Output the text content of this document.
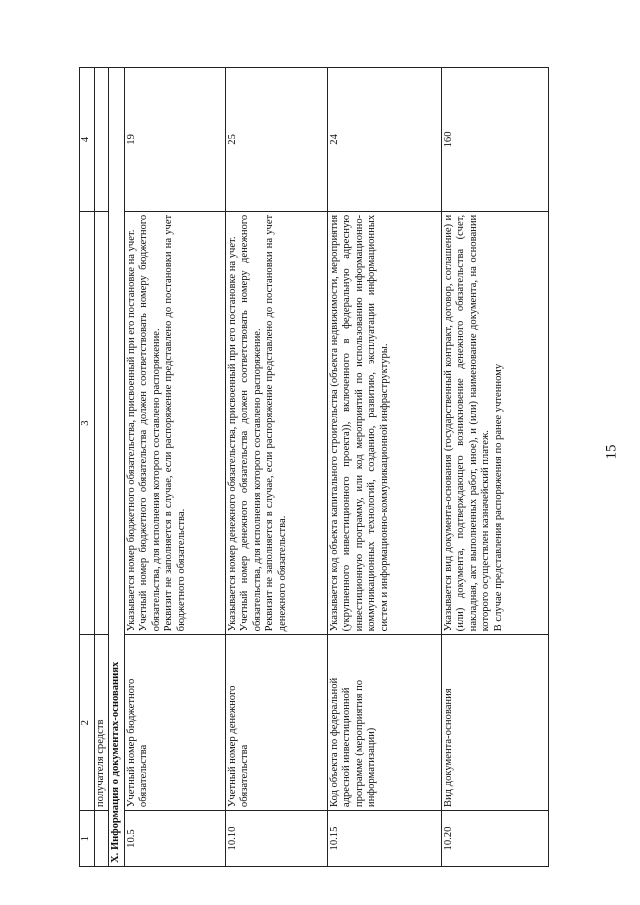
15
1	2	3	4
	получателя средств		
Х. Информация о документах-основаниях			
10.5	Учетный номер бюджетного обязательства	Указывается номер бюджетного обязательства, присвоенный при его постановке на учет. Учетный номер бюджетного обязательства должен соответствовать номеру бюджетного обязательства, для исполнения которого составлено распоряжение. Реквизит не заполняется в случае, если распоряжение представлено до постановки на учет бюджетного обязательства.	19
10.10	Учетный номер денежного обязательства	Указывается номер денежного обязательства, присвоенный при его постановке на учет. Учетный номер денежного обязательства должен соответствовать номеру денежного обязательства, для исполнения которого составлено распоряжение. Реквизит не заполняется в случае, если распоряжение представлено до постановки на учет денежного обязательства.	25
10.15	Код объекта по федеральной адресной инвестиционной программе (мероприятия по информатизации)	Указывается код объекта капитального строительства (объекта недвижимости, мероприятия (укрупненного инвестиционного проекта)), включенного в федеральную адресную инвестиционную программу, или код мероприятий по использованию информационно-коммуникационных технологий, созданию, развитию, эксплуатации информационных систем и информационно-коммуникационной инфраструктуры.	24
10.20	Вид документа-основания	Указывается вид документа-основания (государственный контракт, договор, соглашение) и (или) документа, подтверждающего возникновение денежного обязательства (счет, накладная, акт выполненных работ, иное), и (или) наименование документа, на основании которого осуществлен казначейский платеж. В случае представления распоряжения по ранее учтенному	160
